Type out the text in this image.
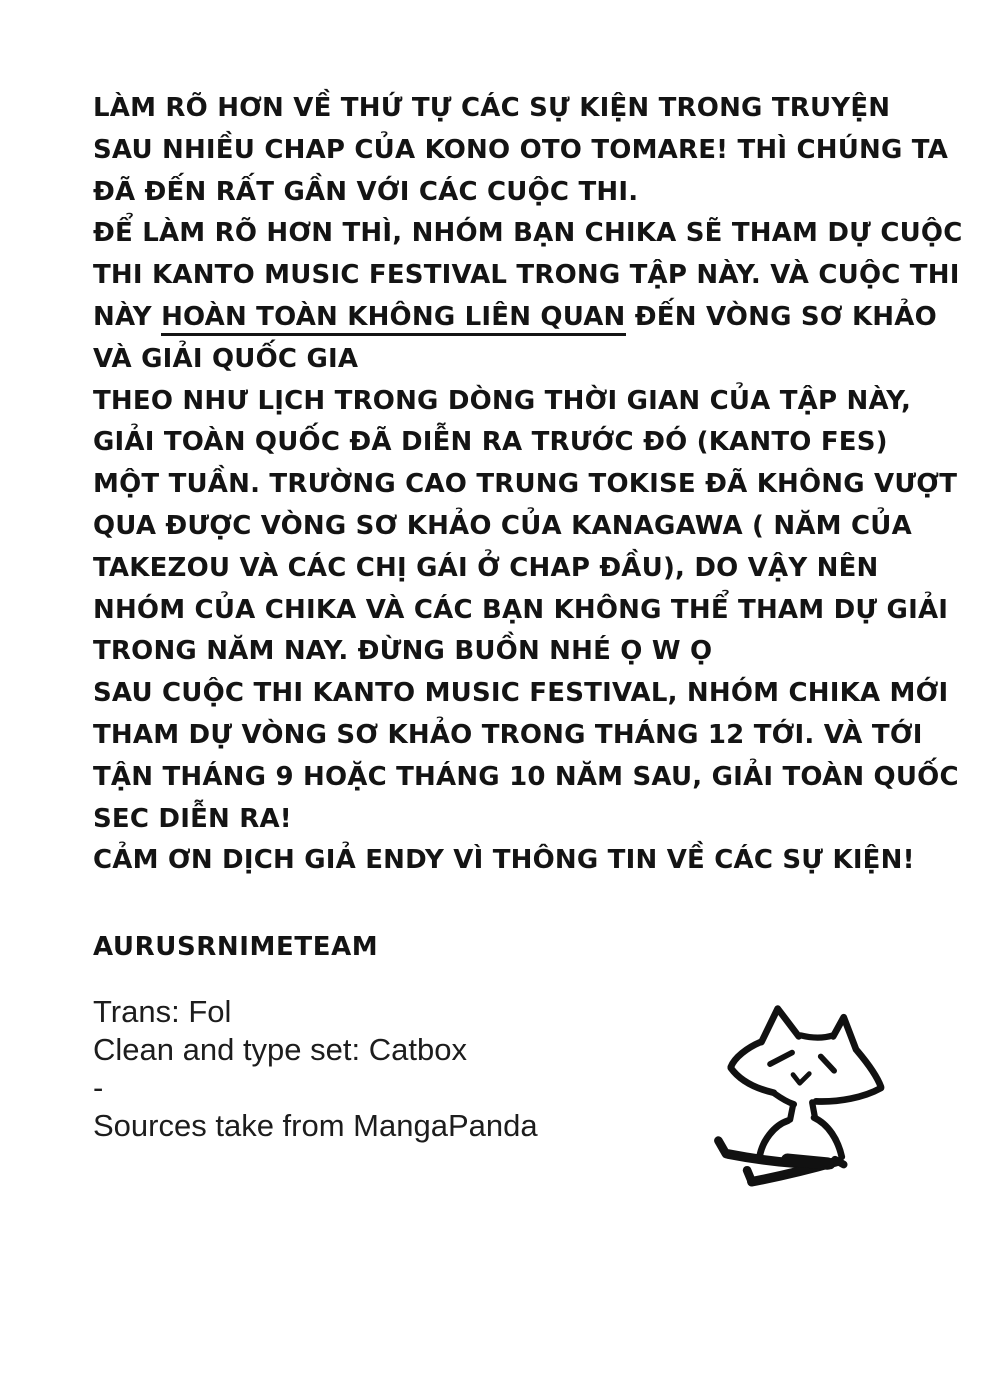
LÀM RÕ HƠN VỀ THỨ TỰ CÁC SỰ KIỆN TRONG TRUYỆN
SAU NHIỀU CHAP CỦA KONO OTO TOMARE! THÌ CHÚNG TA
ĐÃ ĐẾN RẤT GẦN VỚI CÁC CUỘC THI.
ĐỂ LÀM RÕ HƠN THÌ, NHÓM BẠN CHIKA SẼ THAM DỰ CUỘC
THI KANTO MUSIC FESTIVAL TRONG TẬP NÀY. VÀ CUỘC THI
NÀY HOÀN TOÀN KHÔNG LIÊN QUAN ĐẾN VÒNG SƠ KHẢO
VÀ GIẢI QUỐC GIA
THEO NHƯ LỊCH TRONG DÒNG THỜI GIAN CỦA TẬP NÀY,
GIẢI TOÀN QUỐC ĐÃ DIỄN RA TRƯỚC ĐÓ (KANTO FES)
MỘT TUẦN. TRƯỜNG CAO TRUNG TOKISE ĐÃ KHÔNG VƯỢT
QUA ĐƯỢC VÒNG SƠ KHẢO CỦA KANAGAWA ( NĂM CỦA
TAKEZOU VÀ CÁC CHỊ GÁI Ở CHAP ĐẦU), DO VẬY NÊN
NHÓM CỦA CHIKA VÀ CÁC BẠN KHÔNG THỂ THAM DỰ GIẢI
TRONG NĂM NAY. ĐỪNG BUỒN NHÉ Ọ W Ọ
SAU CUỘC THI KANTO MUSIC FESTIVAL, NHÓM CHIKA MỚI
THAM DỰ VÒNG SƠ KHẢO TRONG THÁNG 12 TỚI. VÀ TỚI
TẬN THÁNG 9 HOẶC THÁNG 10 NĂM SAU, GIẢI TOÀN QUỐC
SEC DIỄN RA!
CẢM ƠN DỊCH GIẢ ENDY VÌ THÔNG TIN VỀ CÁC SỰ KIỆN!
AURUSRNIMETEAM
Trans: Fol
Clean and type set: Catbox
-
Sources take from MangaPanda
